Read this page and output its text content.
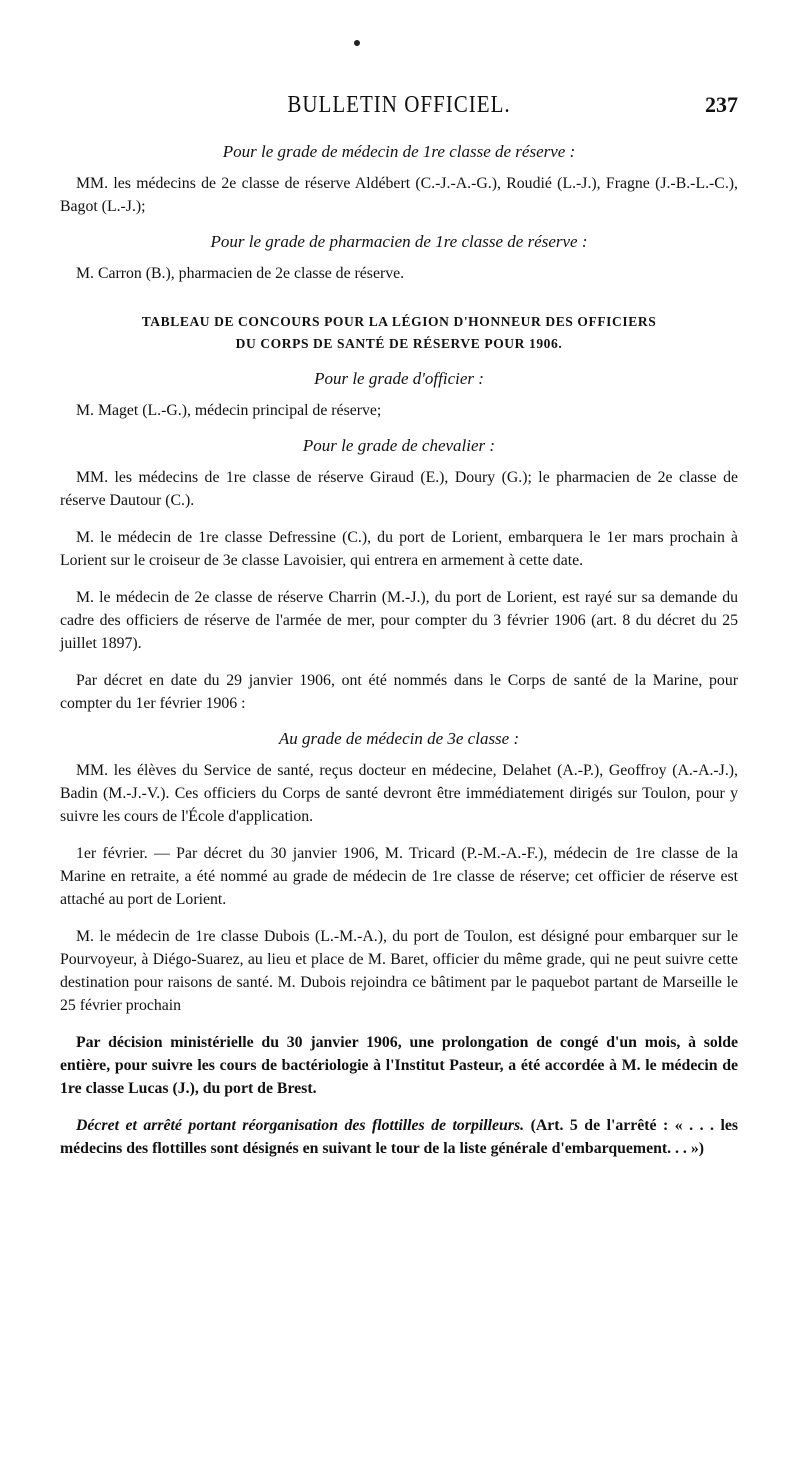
BULLETIN OFFICIEL.	237
Pour le grade de médecin de 1re classe de réserve :

MM. les médecins de 2e classe de réserve Aldébert (C.-J.-A.-G.), Roudié (L.-J.), Fragne (J.-B.-L.-C.), Bagot (L.-J.);

Pour le grade de pharmacien de 1re classe de réserve :

M. Carron (B.), pharmacien de 2e classe de réserve.

TABLEAU DE CONCOURS POUR LA LÉGION D'HONNEUR DES OFFICIERS
DU CORPS DE SANTÉ DE RÉSERVE POUR 1906.
Pour le grade d'officier :

M. Maget (L.-G.), médecin principal de réserve;

Pour le grade de chevalier :

MM. les médecins de 1re classe de réserve Giraud (E.), Doury (G.); le pharmacien de 2e classe de réserve Dautour (C.).

M. le médecin de 1re classe Defressine (C.), du port de Lorient, embarquera le 1er mars prochain à Lorient sur le croiseur de 3e classe Lavoisier, qui entrera en armement à cette date.

M. le médecin de 2e classe de réserve Charrin (M.-J.), du port de Lorient, est rayé sur sa demande du cadre des officiers de réserve de l'armée de mer, pour compter du 3 février 1906 (art. 8 du décret du 25 juillet 1897).

Par décret en date du 29 janvier 1906, ont été nommés dans le Corps de santé de la Marine, pour compter du 1er février 1906 :

Au grade de médecin de 3e classe :

MM. les élèves du Service de santé, reçus docteur en médecine, Delahet (A.-P.), Geoffroy (A.-A.-J.), Badin (M.-J.-V.). Ces officiers du Corps de santé devront être immédiatement dirigés sur Toulon, pour y suivre les cours de l'École d'application.

1er février. — Par décret du 30 janvier 1906, M. Tricard (P.-M.-A.-F.), médecin de 1re classe de la Marine en retraite, a été nommé au grade de médecin de 1re classe de réserve; cet officier de réserve est attaché au port de Lorient.

M. le médecin de 1re classe Dubois (L.-M.-A.), du port de Toulon, est désigné pour embarquer sur le Pourvoyeur, à Diégo-Suarez, au lieu et place de M. Baret, officier du même grade, qui ne peut suivre cette destination pour raisons de santé. M. Dubois rejoindra ce bâtiment par le paquebot partant de Marseille le 25 février prochain

Par décision ministérielle du 30 janvier 1906, une prolongation de congé d'un mois, à solde entière, pour suivre les cours de bactériologie à l'Institut Pasteur, a été accordée à M. le médecin de 1re classe Lucas (J.), du port de Brest.

Décret et arrêté portant réorganisation des flottilles de torpilleurs. (Art. 5 de l'arrêté : « . . . les médecins des flottilles sont désignés en suivant le tour de la liste générale d'embarquement. . . »)
